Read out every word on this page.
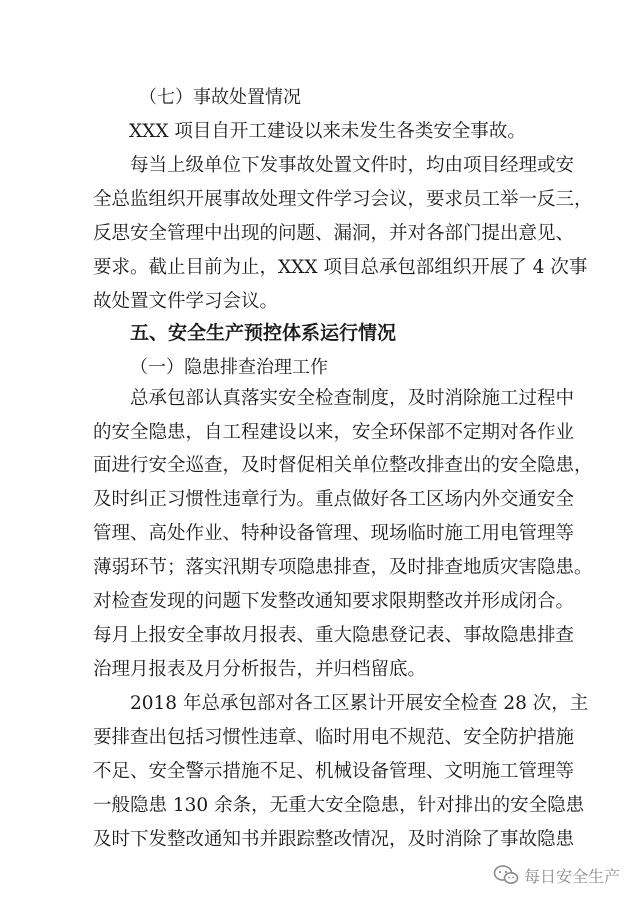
（七）事故处置情况
XXX 项目自开工建设以来未发生各类安全事故。
每当上级单位下发事故处置文件时，均由项目经理或安
全总监组织开展事故处理文件学习会议，要求员工举一反三，
反思安全管理中出现的问题、漏洞，并对各部门提出意见、
要求。截止目前为止，XXX 项目总承包部组织开展了 4 次事
故处置文件学习会议。
五、安全生产预控体系运行情况
（一）隐患排查治理工作
总承包部认真落实安全检查制度，及时消除施工过程中
的安全隐患，自工程建设以来，安全环保部不定期对各作业
面进行安全巡查，及时督促相关单位整改排查出的安全隐患，
及时纠正习惯性违章行为。重点做好各工区场内外交通安全
管理、高处作业、特种设备管理、现场临时施工用电管理等
薄弱环节；落实汛期专项隐患排查，及时排查地质灾害隐患。
对检查发现的问题下发整改通知要求限期整改并形成闭合。
每月上报安全事故月报表、重大隐患登记表、事故隐患排查
治理月报表及月分析报告，并归档留底。
2018 年总承包部对各工区累计开展安全检查 28 次，主
要排查出包括习惯性违章、临时用电不规范、安全防护措施
不足、安全警示措施不足、机械设备管理、文明施工管理等
一般隐患 130 余条，无重大安全隐患，针对排出的安全隐患
及时下发整改通知书并跟踪整改情况，及时消除了事故隐患
每日安全生产
